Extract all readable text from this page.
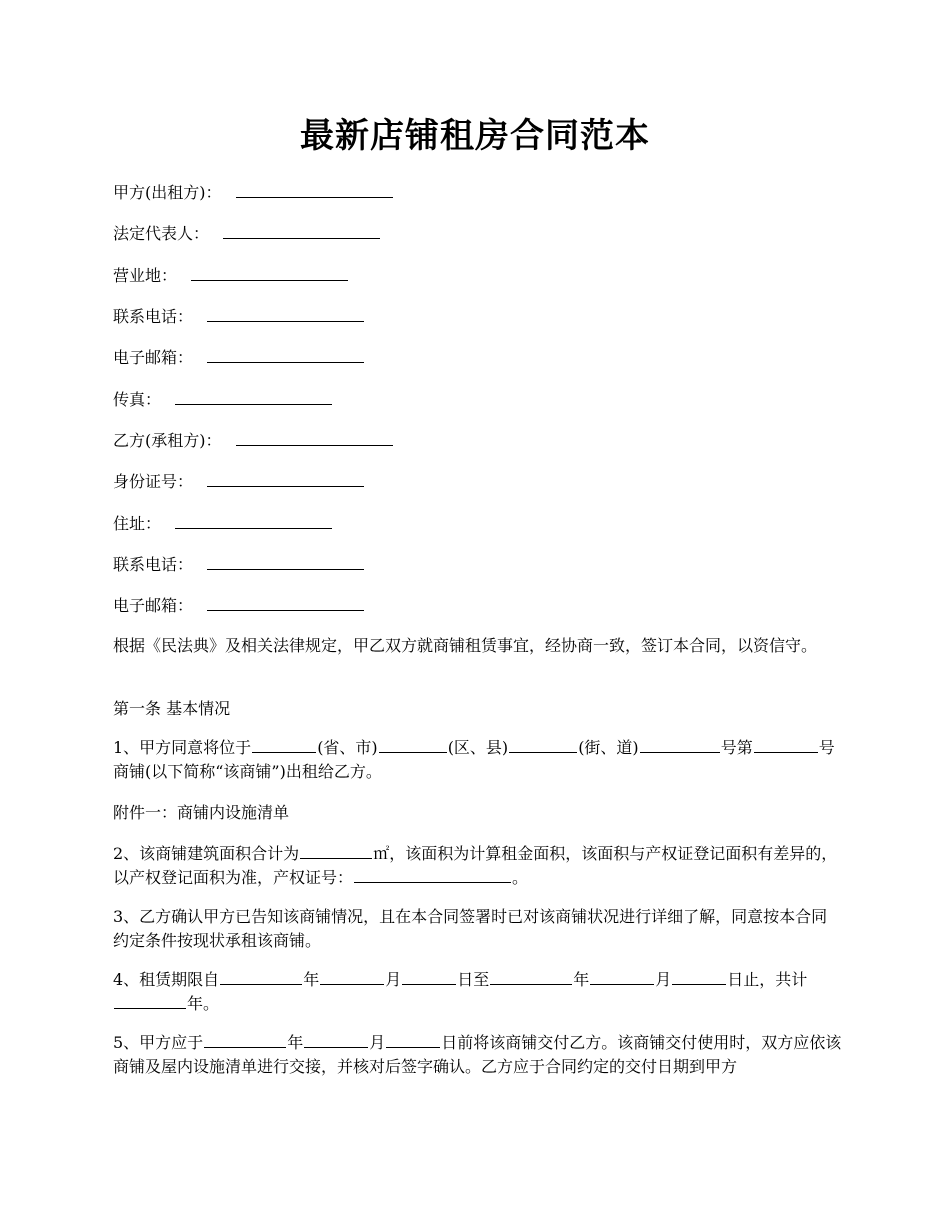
最新店铺租房合同范本
甲方(出租方)：
法定代表人：
营业地：
联系电话：
电子邮箱：
传真：
乙方(承租方)：
身份证号：
住址：
联系电话：
电子邮箱：
根据《民法典》及相关法律规定，甲乙双方就商铺租赁事宜，经协商一致，签订本合同，以资信守。
第一条 基本情况
1、甲方同意将位于	(省、市)	(区、县)	(街、道)	号第	号商铺(以下简称“该商铺”)出租给乙方。
附件一：商铺内设施清单
2、该商铺建筑面积合计为	㎡，该面积为计算租金面积，该面积与产权证登记面积有差异的，以产权登记面积为准，产权证号：	。
3、乙方确认甲方已告知该商铺情况，且在本合同签署时已对该商铺状况进行详细了解，同意按本合同约定条件按现状承租该商铺。
4、租赁期限自	年	月	日至	年	月	日止，共计年。
5、甲方应于	年	月	日前将该商铺交付乙方。该商铺交付使用时，双方应依该商铺及屋内设施清单进行交接，并核对后签字确认。乙方应于合同约定的交付日期到甲方
